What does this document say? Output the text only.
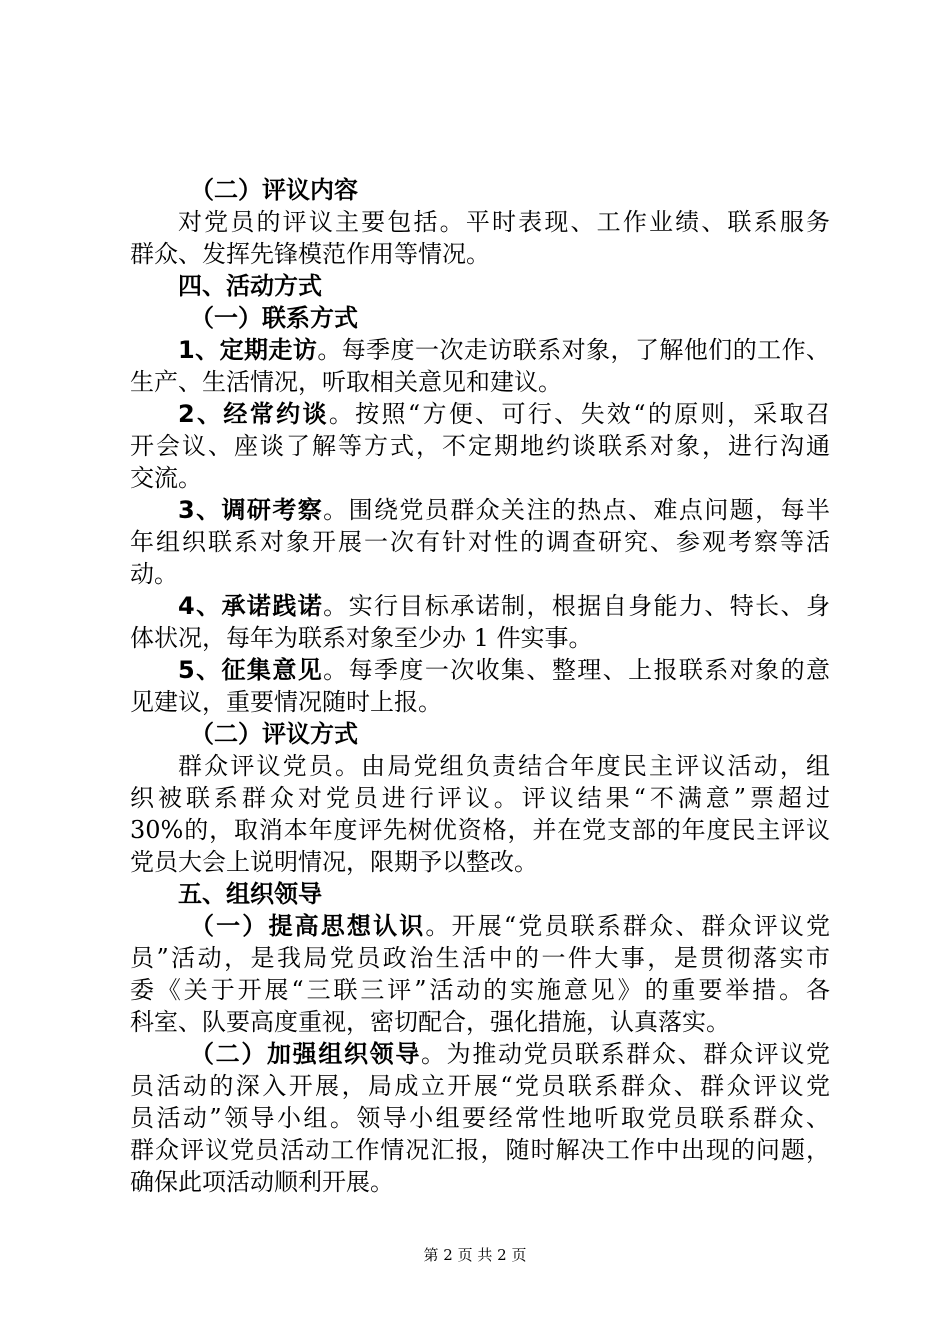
（二）评议内容
对党员的评议主要包括。平时表现、工作业绩、联系服务
群众、发挥先锋模范作用等情况。
四、活动方式
（一）联系方式
1、定期走访。每季度一次走访联系对象，了解他们的工作、
生产、生活情况，听取相关意见和建议。
2、经常约谈。按照“方便、可行、失效“的原则，采取召
开会议、座谈了解等方式，不定期地约谈联系对象，进行沟通
交流。
3、调研考察。围绕党员群众关注的热点、难点问题，每半
年组织联系对象开展一次有针对性的调查研究、参观考察等活
动。
4、承诺践诺。实行目标承诺制，根据自身能力、特长、身
体状况，每年为联系对象至少办 1 件实事。
5、征集意见。每季度一次收集、整理、上报联系对象的意
见建议，重要情况随时上报。
（二）评议方式
群众评议党员。由局党组负责结合年度民主评议活动，组
织被联系群众对党员进行评议。评议结果“不满意”票超过
30%的，取消本年度评先树优资格，并在党支部的年度民主评议
党员大会上说明情况，限期予以整改。
五、组织领导
（一）提高思想认识。开展“党员联系群众、群众评议党
员”活动，是我局党员政治生活中的一件大事，是贯彻落实市
委《关于开展“三联三评”活动的实施意见》的重要举措。各
科室、队要高度重视，密切配合，强化措施，认真落实。
（二）加强组织领导。为推动党员联系群众、群众评议党
员活动的深入开展，局成立开展“党员联系群众、群众评议党
员活动”领导小组。领导小组要经常性地听取党员联系群众、
群众评议党员活动工作情况汇报，随时解决工作中出现的问题，
确保此项活动顺利开展。
第 2 页 共 2 页
